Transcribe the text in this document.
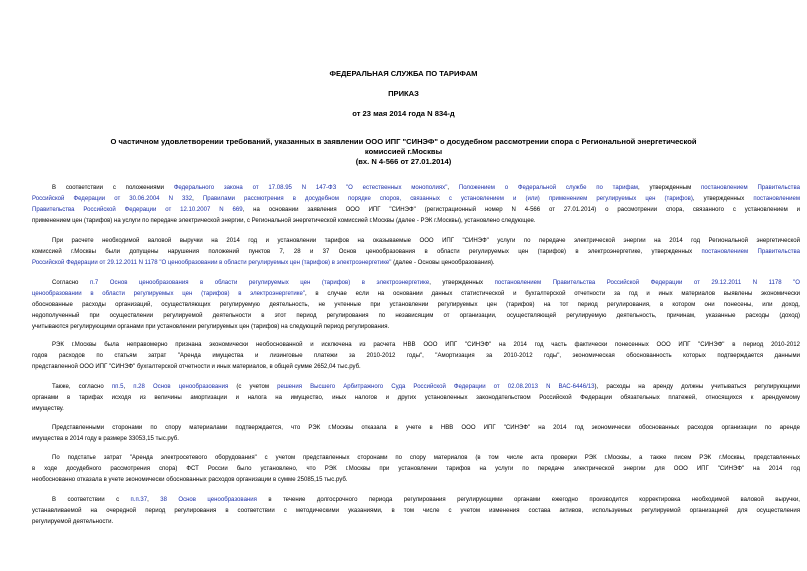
ФЕДЕРАЛЬНАЯ СЛУЖБА ПО ТАРИФАМ
ПРИКАЗ
от 23 мая 2014 года N 834-д
О частичном удовлетворении требований, указанных в заявлении ООО ИПГ "СИНЭФ" о досудебном рассмотрении спора с Региональной энергетической
комиссией г.Москвы
(вх. N 4-566 от 27.01.2014)
В соответствии с положениями Федерального закона от 17.08.95 N 147-ФЗ "О естественных монополиях", Положением о Федеральной службе по тарифам, утвержденным постановлением Правительства
Российской Федерации от 30.06.2004 N 332, Правилами рассмотрения в досудебном порядке споров, связанных с установлением и (или) применением регулируемых цен (тарифов), утвержденных постановлением
Правительства Российской Федерации от 12.10.2007 N 669, на основании заявления ООО ИПГ "СИНЭФ" (регистрационный номер N 4-566 от 27.01.2014) о рассмотрении спора, связанного с установлением и
применением цен (тарифов) на услуги по передаче электрической энергии, с Региональной энергетической комиссией г.Москвы (далее - РЭК г.Москвы), установлено следующее.
При расчете необходимой валовой выручки на 2014 год и установлении тарифов на оказываемые ООО ИПГ "СИНЭФ" услуги по передаче электрической энергии на 2014 год Региональной энергетической
комиссией г.Москвы были допущены нарушения положений пунктов 7, 28 и 37 Основ ценообразования в области регулируемых цен (тарифов) в электроэнергетике, утвержденных постановлением Правительства
Российской Федерации от 29.12.2011 N 1178 "О ценообразовании в области регулируемых цен (тарифов) в электроэнергетике" (далее - Основы ценообразования).
Согласно п.7 Основ ценообразования в области регулируемых цен (тарифов) в электроэнергетике, утвержденных постановлением Правительства Российской Федерации от 29.12.2011 N 1178 "О
ценообразовании в области регулируемых цен (тарифов) в электроэнергетике", в случае если на основании данных статистической и бухгалтерской отчетности за год и иных материалов выявлены экономически
обоснованные расходы организаций, осуществляющих регулируемую деятельность, не учтенные при установлении регулируемых цен (тарифов) на тот период регулирования, в котором они понесены, или доход,
недополученный при осуществлении регулируемой деятельности в этот период регулирования по независящим от организации, осуществляющей регулируемую деятельность, причинам, указанные расходы (доход)
учитываются регулирующими органами при установлении регулируемых цен (тарифов) на следующий период регулирования.
РЭК г.Москвы была неправомерно признана экономически необоснованной и исключена из расчета НВВ ООО ИПГ "СИНЭФ" на 2014 год часть фактически понесенных ООО ИПГ "СИНЭФ" в период 2010-2012
годов расходов по статьям затрат "Аренда имущества и лизинговые платежи за 2010-2012 годы", "Амортизация за 2010-2012 годы", экономическая обоснованность которых подтверждается данными
представленной ООО ИПГ "СИНЭФ" бухгалтерской отчетности и иных материалов, в общей сумме 2652,04 тыс.руб.
Также, согласно пп.5, п.28 Основ ценообразования (с учетом решения Высшего Арбитражного Суда Российской Федерации от 02.08.2013 N ВАС-6446/13), расходы на аренду должны учитываться регулирующими
органами в тарифах исходя из величины амортизации и налога на имущество, иных налогов и других установленных законодательством Российской Федерации обязательных платежей, относящихся к арендуемому
имуществу.
Представленными сторонами по спору материалами подтверждается, что РЭК г.Москвы отказала в учете в НВВ ООО ИПГ "СИНЭФ" на 2014 год экономически обоснованных расходов организации по аренде
имущества в 2014 году в размере 33053,15 тыс.руб.
По подстатье затрат "Аренда электросетевого оборудования" с учетом представленных сторонами по спору материалов (в том числе акта проверки РЭК г.Москвы, а также писем РЭК г.Москвы, представленных
в ходе досудебного рассмотрения спора) ФСТ России было установлено, что РЭК г.Москвы при установлении тарифов на услуги по передаче электрической энергии для ООО ИПГ "СИНЭФ" на 2014 год
необоснованно отказала в учете экономически обоснованных расходов организации в сумме 25085,15 тыс.руб.
В соответствии с п.п.37, 38 Основ ценообразования в течение долгосрочного периода регулирования регулирующими органами ежегодно производится корректировка необходимой валовой выручки,
устанавливаемой на очередной период регулирования в соответствии с методическими указаниями, в том числе с учетом изменения состава активов, используемых регулируемой организацией для осуществления
регулируемой деятельности.
